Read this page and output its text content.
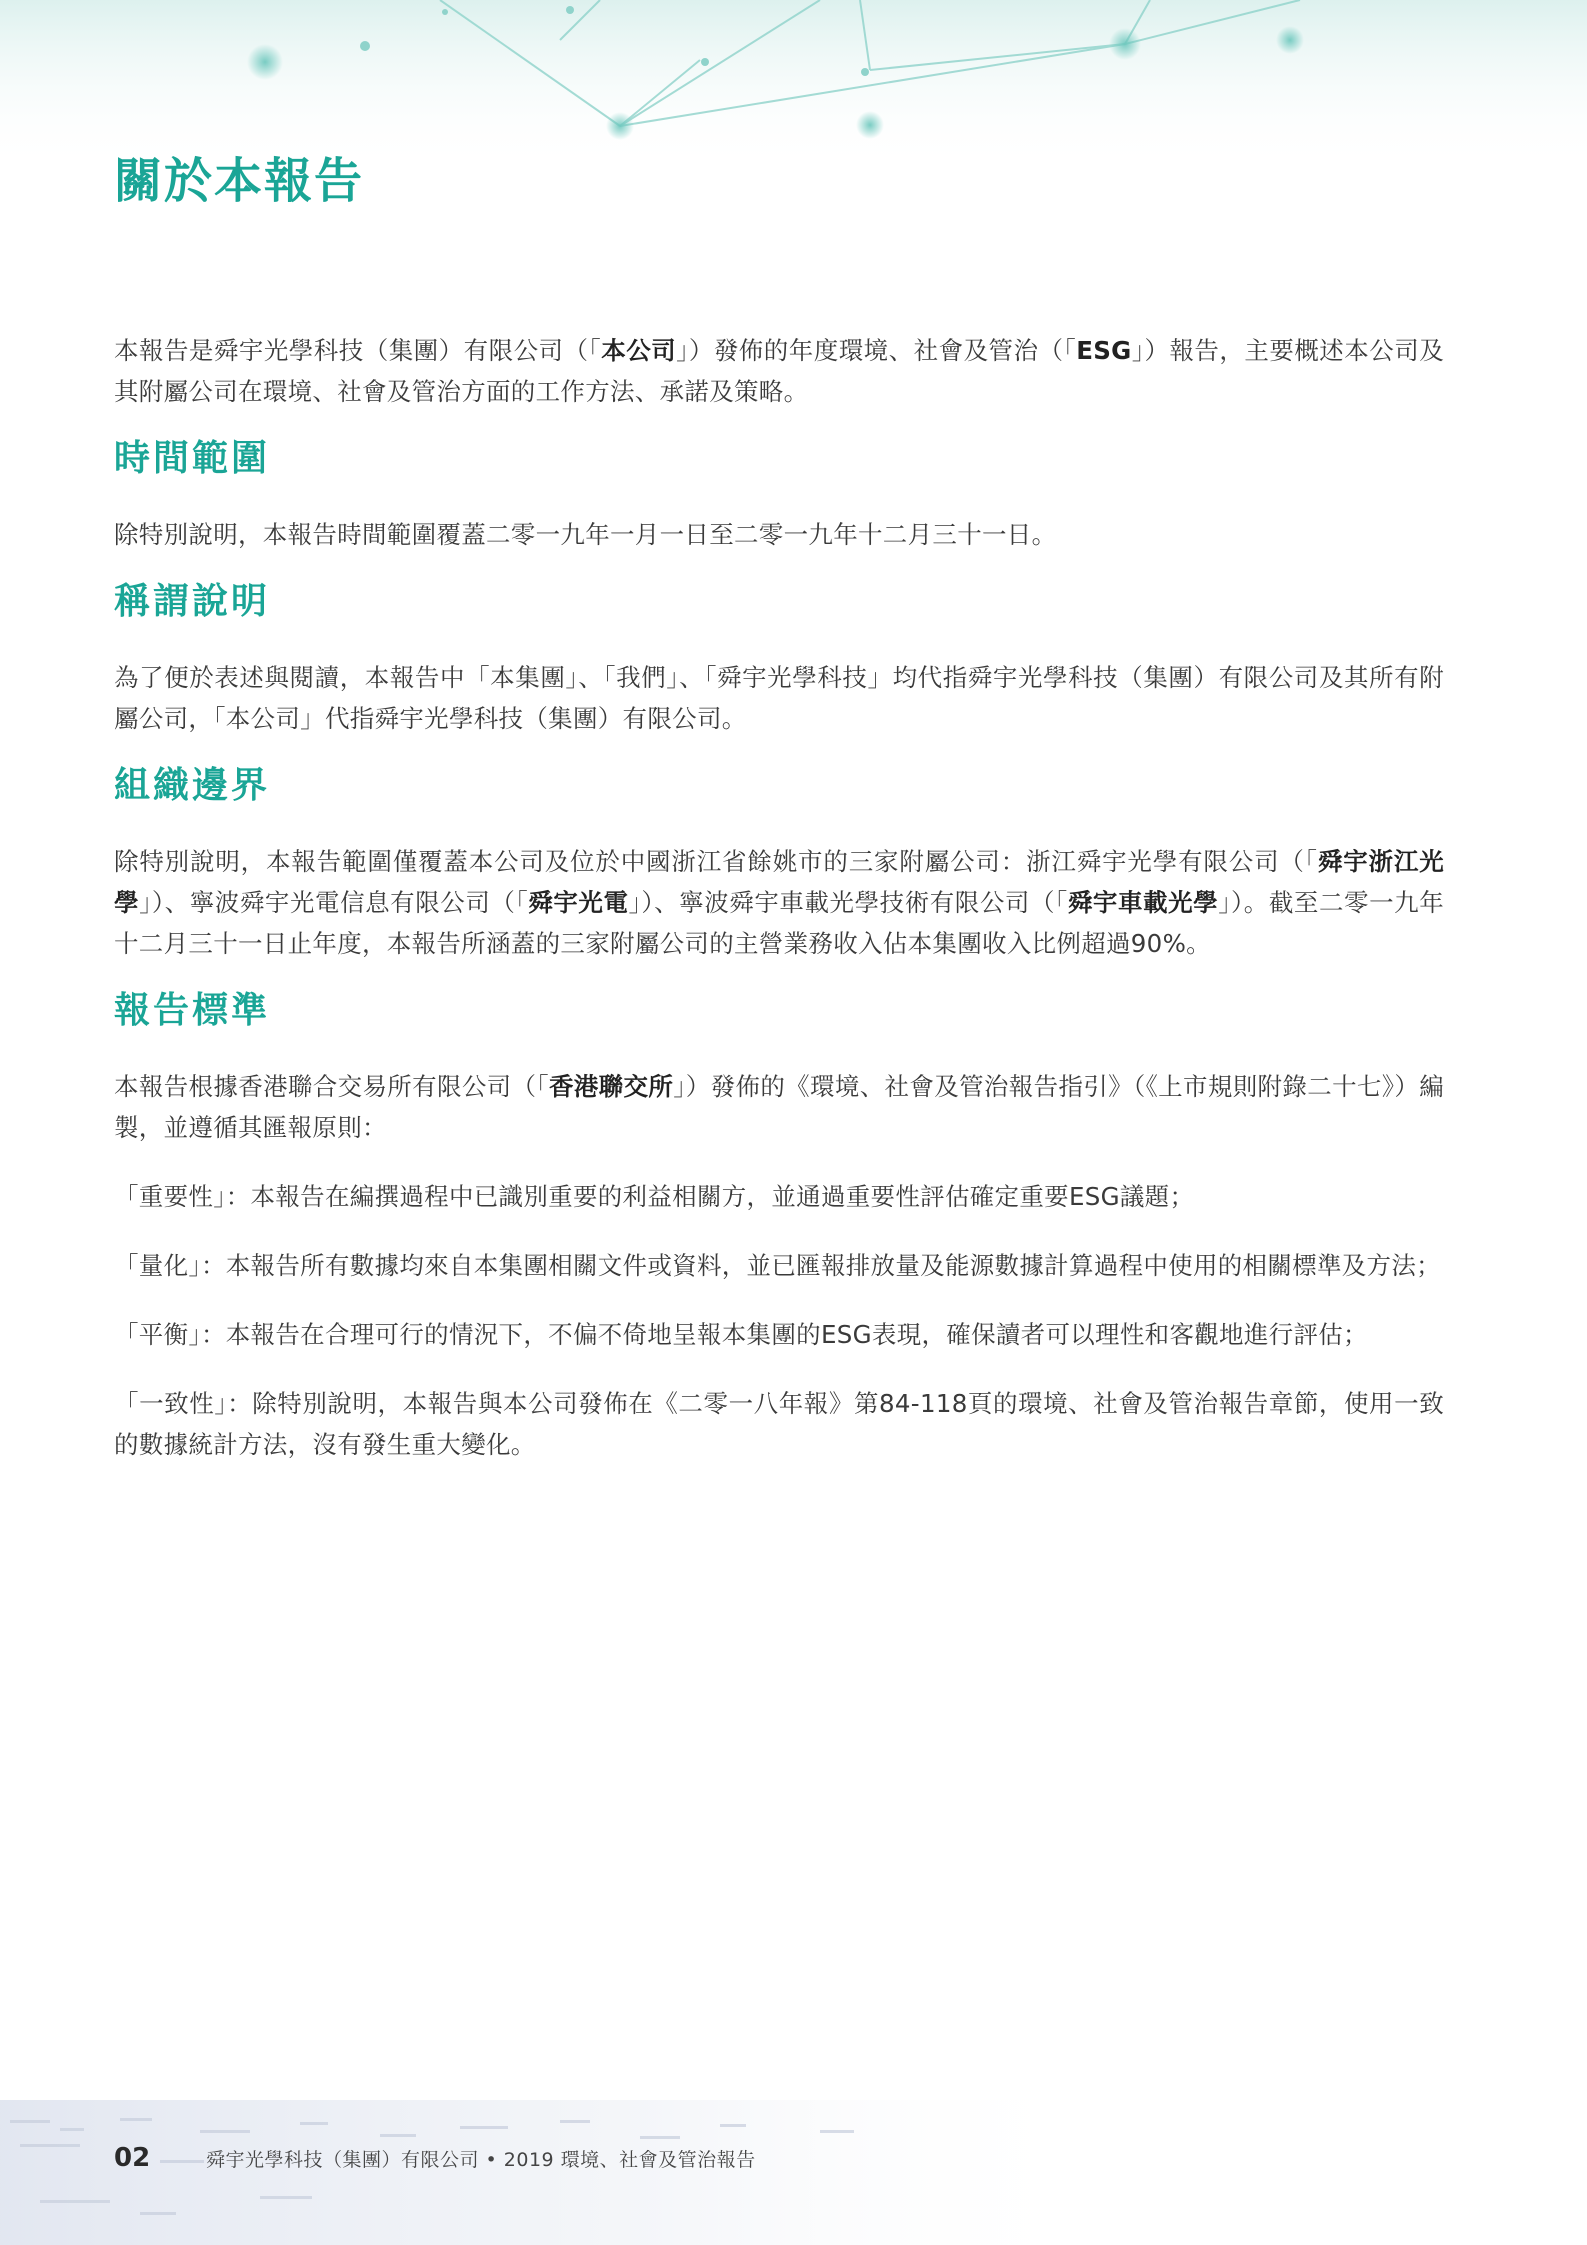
關於本報告

本報告是舜宇光學科技（集團）有限公司（「本公司」）發佈的年度環境、社會及管治（「ESG」）報告，主要概述本公司及其附屬公司在環境、社會及管治方面的工作方法、承諾及策略。

時間範圍

除特別說明，本報告時間範圍覆蓋二零一九年一月一日至二零一九年十二月三十一日。

稱謂說明

為了便於表述與閱讀，本報告中「本集團」、「我們」、「舜宇光學科技」均代指舜宇光學科技（集團）有限公司及其所有附屬公司，「本公司」代指舜宇光學科技（集團）有限公司。

組織邊界

除特別說明，本報告範圍僅覆蓋本公司及位於中國浙江省餘姚市的三家附屬公司：浙江舜宇光學有限公司（「舜宇浙江光學」）、寧波舜宇光電信息有限公司（「舜宇光電」）、寧波舜宇車載光學技術有限公司（「舜宇車載光學」）。截至二零一九年十二月三十一日止年度，本報告所涵蓋的三家附屬公司的主營業務收入佔本集團收入比例超過90%。

報告標準

本報告根據香港聯合交易所有限公司（「香港聯交所」）發佈的《環境、社會及管治報告指引》（《上市規則附錄二十七》）編製，並遵循其匯報原則：

「重要性」：本報告在編撰過程中已識別重要的利益相關方，並通過重要性評估確定重要ESG議題；

「量化」：本報告所有數據均來自本集團相關文件或資料，並已匯報排放量及能源數據計算過程中使用的相關標準及方法；

「平衡」：本報告在合理可行的情況下，不偏不倚地呈報本集團的ESG表現，確保讀者可以理性和客觀地進行評估；

「一致性」：除特別說明，本報告與本公司發佈在《二零一八年報》第84-118頁的環境、社會及管治報告章節，使用一致的數據統計方法，沒有發生重大變化。

02	舜宇光學科技（集團）有限公司 • 2019 環境、社會及管治報告
